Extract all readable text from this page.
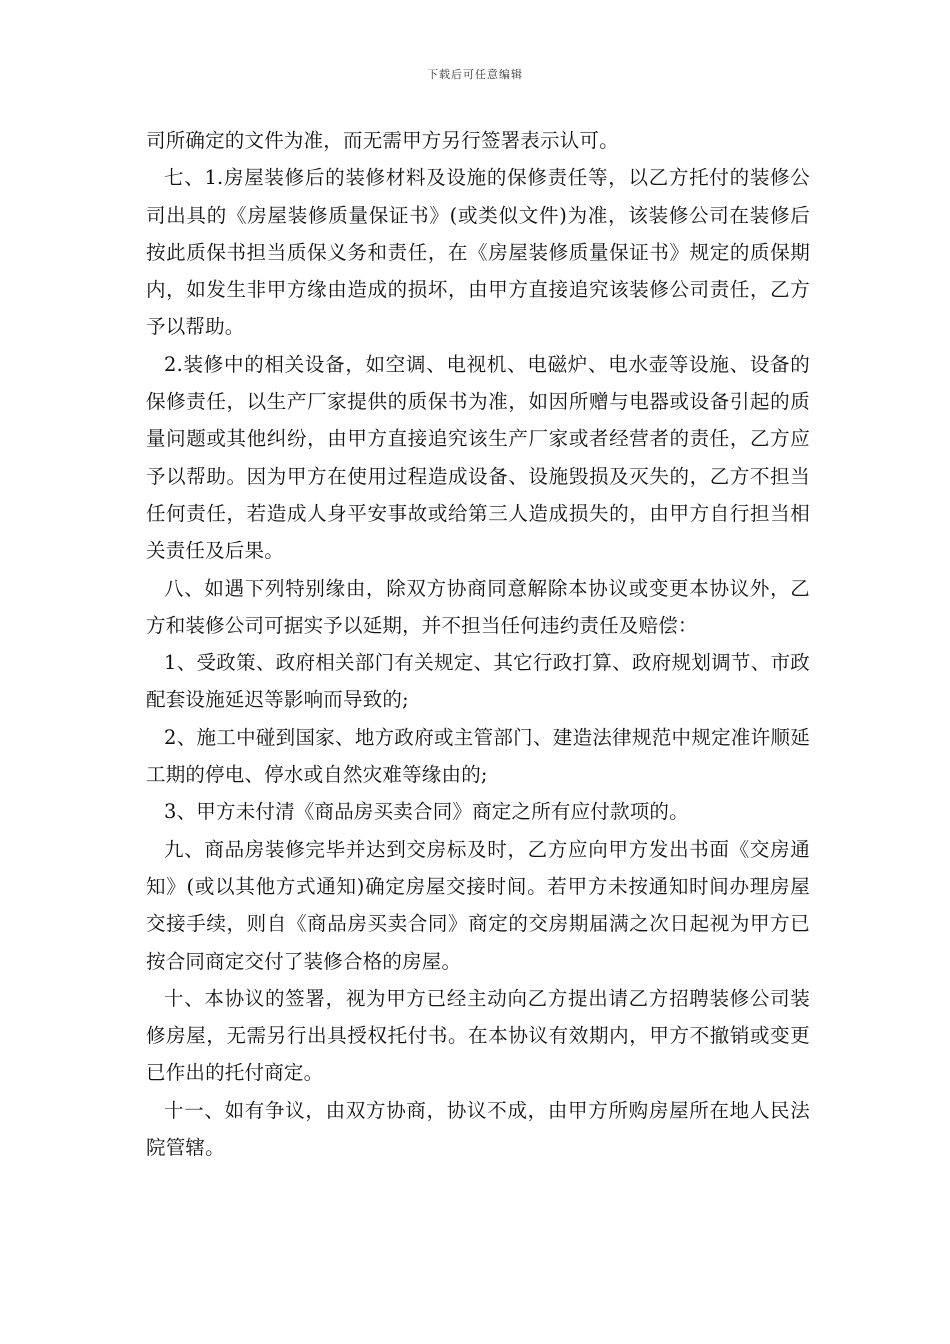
下载后可任意编辑

司所确定的文件为准，而无需甲方另行签署表示认可。

七、1.房屋装修后的装修材料及设施的保修责任等，以乙方托付的装修公司出具的《房屋装修质量保证书》(或类似文件)为准，该装修公司在装修后按此质保书担当质保义务和责任，在《房屋装修质量保证书》规定的质保期内，如发生非甲方缘由造成的损坏，由甲方直接追究该装修公司责任，乙方予以帮助。

2.装修中的相关设备，如空调、电视机、电磁炉、电水壶等设施、设备的保修责任，以生产厂家提供的质保书为准，如因所赠与电器或设备引起的质量问题或其他纠纷，由甲方直接追究该生产厂家或者经营者的责任，乙方应予以帮助。因为甲方在使用过程造成设备、设施毁损及灭失的，乙方不担当任何责任，若造成人身平安事故或给第三人造成损失的，由甲方自行担当相关责任及后果。

八、如遇下列特别缘由，除双方协商同意解除本协议或变更本协议外，乙方和装修公司可据实予以延期，并不担当任何违约责任及赔偿：

1、受政策、政府相关部门有关规定、其它行政打算、政府规划调节、市政配套设施延迟等影响而导致的;

2、施工中碰到国家、地方政府或主管部门、建造法律规范中规定准许顺延工期的停电、停水或自然灾难等缘由的;

3、甲方未付清《商品房买卖合同》商定之所有应付款项的。

九、商品房装修完毕并达到交房标及时，乙方应向甲方发出书面《交房通知》(或以其他方式通知)确定房屋交接时间。若甲方未按通知时间办理房屋交接手续，则自《商品房买卖合同》商定的交房期届满之次日起视为甲方已按合同商定交付了装修合格的房屋。

十、本协议的签署，视为甲方已经主动向乙方提出请乙方招聘装修公司装修房屋，无需另行出具授权托付书。在本协议有效期内，甲方不撤销或变更已作出的托付商定。

十一、如有争议，由双方协商，协议不成，由甲方所购房屋所在地人民法院管辖。
